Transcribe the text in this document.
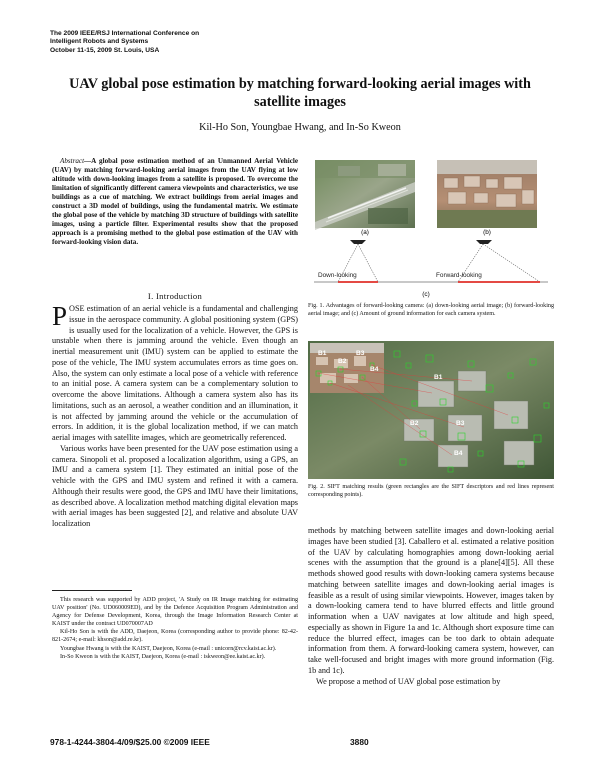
The 2009 IEEE/RSJ International Conference on
Intelligent Robots and Systems
October 11-15, 2009 St. Louis, USA
UAV global pose estimation by matching forward-looking aerial images with satellite images
Kil-Ho Son, Youngbae Hwang, and In-So Kweon
Abstract—A global pose estimation method of an Unmanned Aerial Vehicle (UAV) by matching forward-looking aerial images from the UAV flying at low altitude with down-looking images from a satellite is proposed. To overcome the limitation of significantly different camera viewpoints and characteristics, we use buildings as a cue of matching. We extract buildings from aerial images and construct a 3D model of buildings, using the fundamental matrix. We estimate the global pose of the vehicle by matching 3D structure of buildings with satellite images, using a particle filter. Experimental results show that the proposed approach is a promising method to the global pose estimation of the UAV with forward-looking vision data.
I. Introduction
POSE estimation of an aerial vehicle is a fundamental and challenging issue in the aerospace community. A global positioning system (GPS) is usually used for the localization of a vehicle. However, the GPS is unstable when there is jamming around the vehicle. Even though an inertial measurement unit (IMU) system can be applied to estimate the pose of the vehicle, The IMU system accumulates errors as time goes on. Also, the system can only estimate a local pose of a vehicle with reference to an initial pose. A camera system can be a complementary solution to overcome the above limitations. Although a camera system also has its limitations, such as an aerosol, a weather condition and an illumination, it is not affected by jamming around the vehicle or the accumulation of errors. In addition, it is the global localization method, if we can match aerial images with satellite images, which are geometrically referenced.

Various works have been presented for the UAV pose estimation using a camera. Sinopoli et al. proposed a localization algorithm, using a GPS, an IMU and a camera system [1]. They estimated an initial pose of the vehicle with the GPS and IMU system and refined it with a camera. Although their results were good, the GPS and IMU have their limitations, as described above. A localization method matching digital elevation maps with aerial images has been suggested [2], and relative and absolute UAV localization

This research was supported by ADD project, 'A Study on IR Image matching for estimating UAV position' (No. UD060009ED), and by the Defence Acquisition Program Administration and Agency for Defense Development, Korea, through the Image Information Research Center at KAIST under the contract UD070007AD

Kil-Ho Son is with the ADD, Daejeon, Korea (corresponding author to provide phone: 82-42-821-2674; e-mail: khson@add.re.kr).

Youngbae Hwang is with the KAIST, Daejeon, Korea (e-mail : unicorn@rcv.kaist.ac.kr).

In-So Kweon is with the KAIST, Daejeon, Korea (e-mail : iskweon@ee.kaist.ac.kr).

(a)	(b)
Down-looking	Forward-looking
(c)
Fig. 1. Advantages of forward-looking camera: (a) down-looking aerial image; (b) forward-looking aerial image; and (c) Amount of ground information for each camera system.
B1
B2
B3
B4
B1
B2	B3
B4
Fig. 2. SIFT matching results (green rectangles are the SIFT descriptors and red lines represent corresponding points).

methods by matching between satellite images and down-looking aerial images have been studied [3]. Caballero et al. estimated a relative position of the UAV by calculating homographies among down-looking aerial scenes with the assumption that the ground is a plane[4][5]. All these methods showed good results with down-looking camera systems because matching between satellite images and down-looking aerial images is feasible as a result of using similar viewpoints. However, images taken by a down-looking camera tend to have blurred effects and little ground information when a UAV navigates at low altitude and high speed, especially as shown in Figure 1a and 1c. Although short exposure time can reduce the blurred effect, images can be too dark to obtain adequate information from them. A forward-looking camera system, however, can take well-focused and bright images with more ground information (Fig. 1b and 1c).

We propose a method of UAV global pose estimation by

978-1-4244-3804-4/09/$25.00 ©2009 IEEE	3880
